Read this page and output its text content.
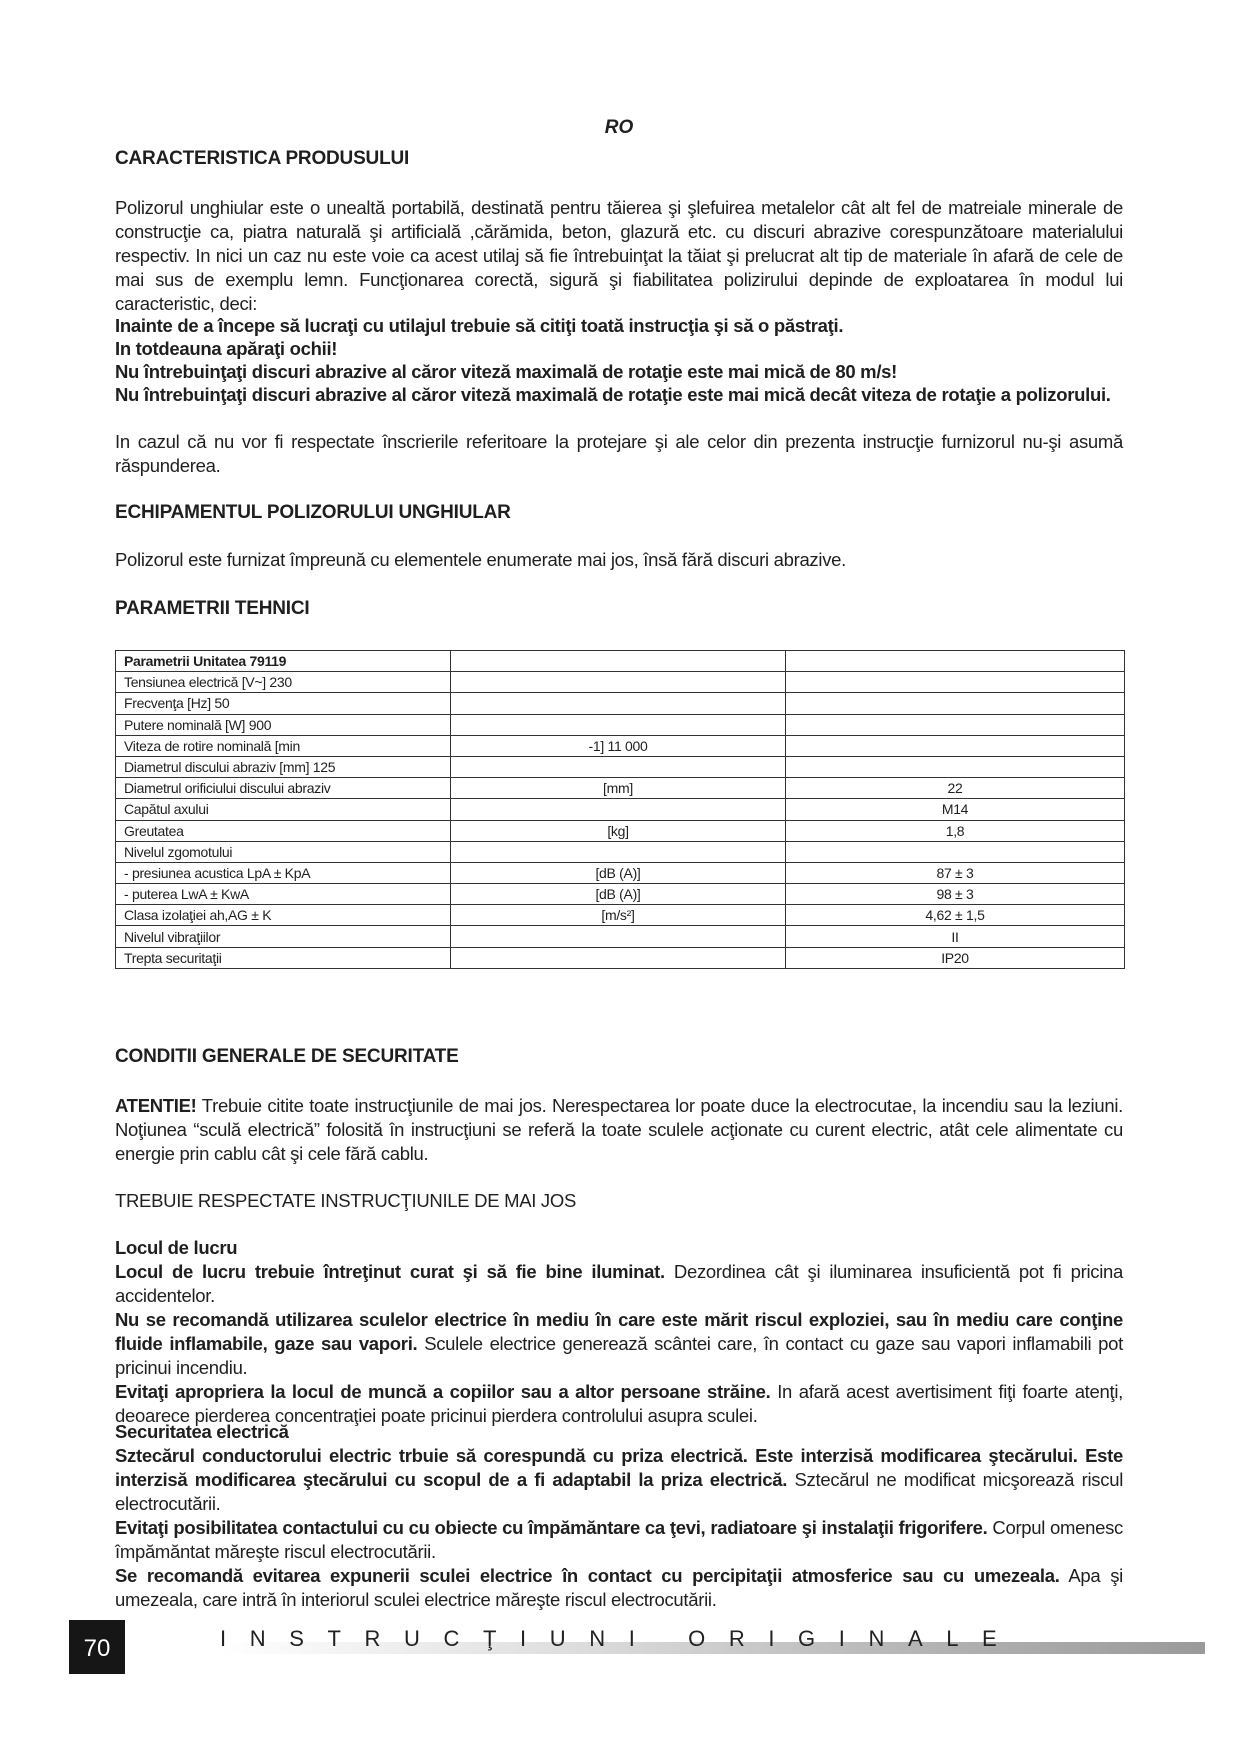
RO
CARACTERISTICA PRODUSULUI

Polizorul unghiular este o unealtă portabilă, destinată pentru tăierea şi şlefuirea metalelor cât alt fel de matreiale minerale de construcţie ca, piatra naturală şi artificială ,cărămida, beton, glazură etc. cu discuri abrazive corespunzătoare materialului respectiv. In nici un caz nu este voie ca acest utilaj să fie întrebuinţat la tăiat şi prelucrat alt tip de materiale în afară de cele de mai sus de exemplu lemn. Funcţionarea corectă, sigură şi fiabilitatea polizirului depinde de exploatarea în modul lui caracteristic, deci:

Inainte de a începe să lucraţi cu utilajul trebuie să citiţi toată instrucţia şi să o păstraţi.
In totdeauna apăraţi ochii!
Nu întrebuinţaţi discuri abrazive al căror viteză maximală de rotaţie este mai mică de 80 m/s!
Nu întrebuinţaţi discuri abrazive al căror viteză maximală de rotaţie este mai mică decât viteza de rotaţie a polizorului.

In cazul că nu vor fi respectate înscrierile referitoare la protejare şi ale celor din prezenta instrucţie furnizorul nu-şi asumă răspunderea.

ECHIPAMENTUL POLIZORULUI UNGHIULAR

Polizorul este furnizat împreună cu elementele enumerate mai jos, însă fără discuri abrazive.

PARAMETRII TEHNICI
Parametrii Unitatea 79119		
Tensiunea electrică [V~] 230		
Frecvenţa [Hz] 50		
Putere nominală [W] 900		
Viteza de rotire nominală [min	-1] 11 000	
Diametrul discului abraziv [mm] 125		
Diametrul orificiului discului abraziv	[mm]	22
Capătul axului		M14
Greutatea	[kg]	1,8
Nivelul zgomotului		
- presiunea acustica LpA ± KpA	[dB (A)]	87 ± 3
- puterea LwA ± KwA	[dB (A)]	98 ± 3
Clasa izolaţiei ah,AG ± K	[m/s²]	4,62 ± 1,5
Nivelul vibraţiilor		II
Trepta securitaţii		IP20
CONDITII GENERALE DE SECURITATE

ATENTIE! Trebuie citite toate instrucţiunile de mai jos. Nerespectarea lor poate duce la electrocutae, la incendiu sau la leziuni. Noţiunea “sculă electrică” folosită în instrucţiuni se referă la toate sculele acţionate cu curent electric, atât cele alimentate cu energie prin cablu cât şi cele fără cablu.

TREBUIE RESPECTATE INSTRUCŢIUNILE DE MAI JOS

Locul de lucru

Locul de lucru trebuie întreţinut curat şi să fie bine iluminat. Dezordinea cât şi iluminarea insuficientă pot fi pricina accidentelor.

Nu se recomandă utilizarea sculelor electrice în mediu în care este mărit riscul exploziei, sau în mediu care conţine fluide inflamabile, gaze sau vapori. Sculele electrice generează scântei care, în contact cu gaze sau vapori inflamabili pot pricinui incendiu.

Evitaţi apropriera la locul de muncă a copiilor sau a altor persoane străine. In afară acest avertisiment fiţi foarte atenţi, deoarece pierderea concentraţiei poate pricinui pierdera controlului asupra sculei.

Securitatea electrică

Sztecărul conductorului electric trbuie să corespundă cu priza electrică. Este interzisă modificarea ştecărului. Este interzisă modificarea ştecărului cu scopul de a fi adaptabil la priza electrică. Sztecărul ne modificat micşorează riscul electrocutării.

Evitaţi posibilitatea contactului cu cu obiecte cu împămăntare ca ţevi, radiatoare şi instalaţii frigorifere. Corpul omenesc împămăntat măreşte riscul electrocutării.

Se recomandă evitarea expunerii sculei electrice în contact cu percipitaţii atmosferice sau cu umezeala. Apa şi umezeala, care intră în interiorul sculei electrice măreşte riscul electrocutării.

70	INSTRUCŢIUNI ORIGINALE
